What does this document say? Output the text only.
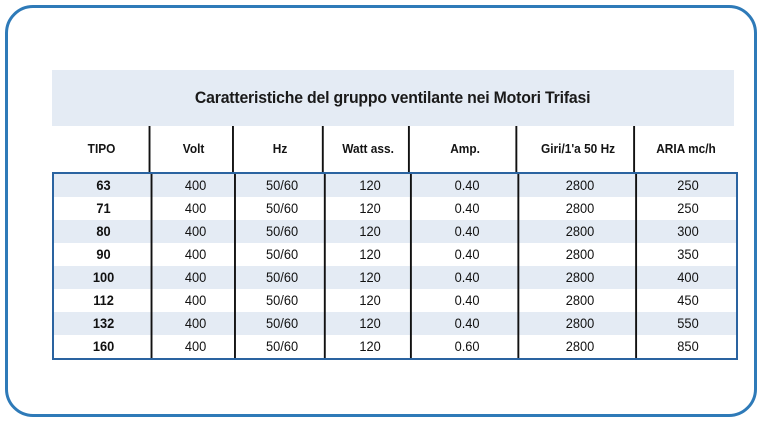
Caratteristiche del gruppo ventilante nei Motori Trifasi
TIPO	Volt	Hz	Watt ass.	Amp.	Giri/1'a 50 Hz	ARIA mc/h
63	400	50/60	120	0.40	2800	250
71	400	50/60	120	0.40	2800	250
80	400	50/60	120	0.40	2800	300
90	400	50/60	120	0.40	2800	350
100	400	50/60	120	0.40	2800	400
112	400	50/60	120	0.40	2800	450
132	400	50/60	120	0.40	2800	550
160	400	50/60	120	0.60	2800	850
